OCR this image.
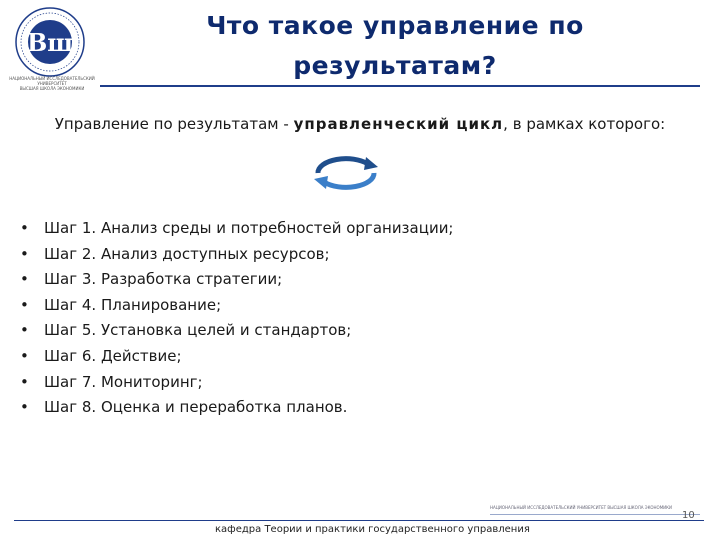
Вш
НАЦИОНАЛЬНЫЙ ИССЛЕДОВАТЕЛЬСКИЙ УНИВЕРСИТЕТ
ВЫСШАЯ ШКОЛА ЭКОНОМИКИ
Что такое управление по
результатам?
Управление по результатам - управленческий цикл, в рамках которого:
• Шаг 1. Анализ среды и потребностей организации;
• Шаг 2. Анализ доступных ресурсов;
• Шаг 3. Разработка стратегии;
• Шаг 4. Планирование;
• Шаг 5. Установка целей и стандартов;
• Шаг 6. Действие;
• Шаг 7. Мониторинг;
• Шаг 8. Оценка и переработка планов.
НАЦИОНАЛЬНЫЙ ИССЛЕДОВАТЕЛЬСКИЙ УНИВЕРСИТЕТ ВЫСШАЯ ШКОЛА ЭКОНОМИКИ
кафедра Теории и практики государственного управления
10
